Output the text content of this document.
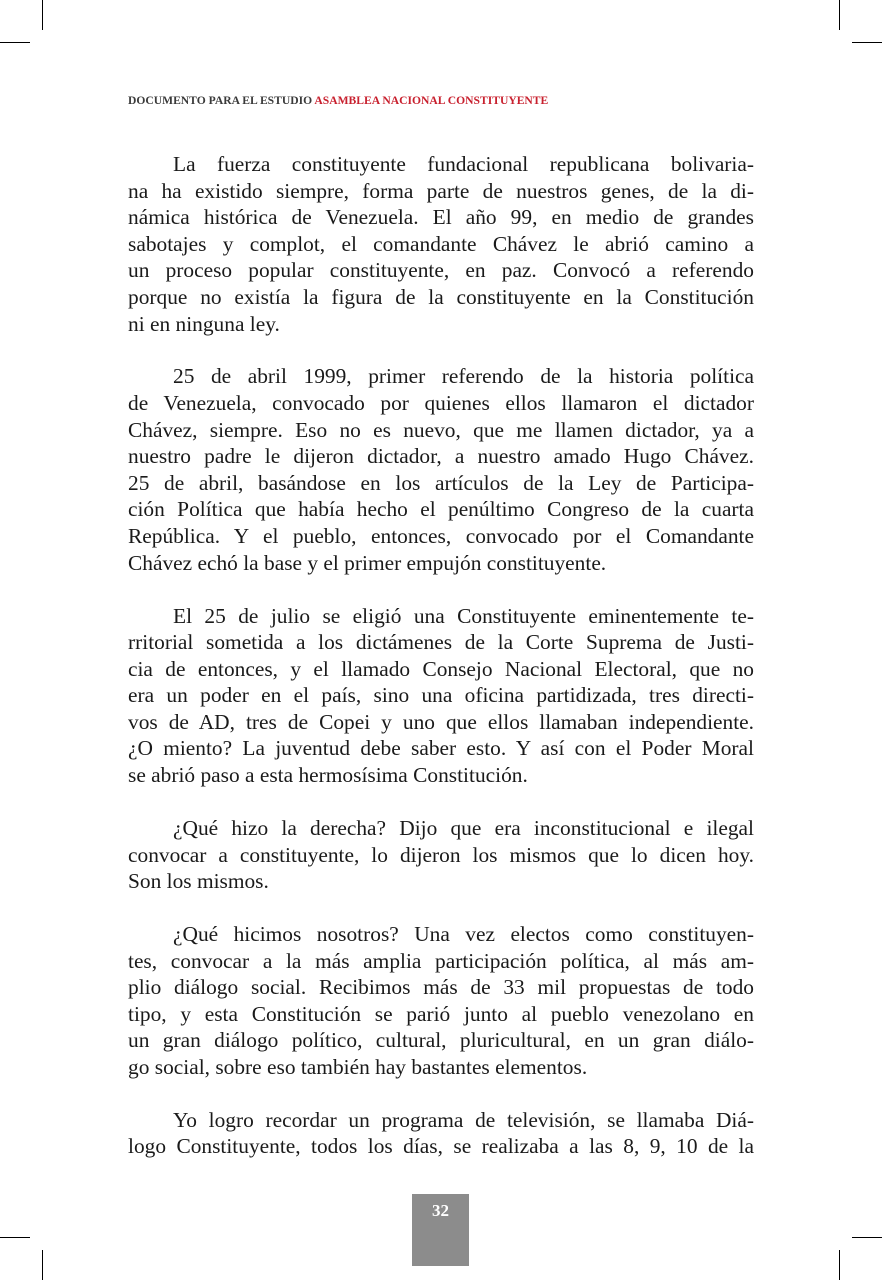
DOCUMENTO PARA EL ESTUDIO ASAMBLEA NACIONAL CONSTITUYENTE
La fuerza constituyente fundacional republicana bolivaria-
na ha existido siempre, forma parte de nuestros genes, de la di-
námica histórica de Venezuela. El año 99, en medio de grandes
sabotajes y complot, el comandante Chávez le abrió camino a
un proceso popular constituyente, en paz. Convocó a referendo
porque no existía la figura de la constituyente en la Constitución
ni en ninguna ley.
25 de abril 1999, primer referendo de la historia política
de Venezuela, convocado por quienes ellos llamaron el dictador
Chávez, siempre. Eso no es nuevo, que me llamen dictador, ya a
nuestro padre le dijeron dictador, a nuestro amado Hugo Chávez.
25 de abril, basándose en los artículos de la Ley de Participa-
ción Política que había hecho el penúltimo Congreso de la cuarta
República. Y el pueblo, entonces, convocado por el Comandante
Chávez echó la base y el primer empujón constituyente.
El 25 de julio se eligió una Constituyente eminentemente te-
rritorial sometida a los dictámenes de la Corte Suprema de Justi-
cia de entonces, y el llamado Consejo Nacional Electoral, que no
era un poder en el país, sino una oficina partidizada, tres directi-
vos de AD, tres de Copei y uno que ellos llamaban independiente.
¿O miento? La juventud debe saber esto. Y así con el Poder Moral
se abrió paso a esta hermosísima Constitución.
¿Qué hizo la derecha? Dijo que era inconstitucional e ilegal
convocar a constituyente, lo dijeron los mismos que lo dicen hoy.
Son los mismos.
¿Qué hicimos nosotros? Una vez electos como constituyen-
tes, convocar a la más amplia participación política, al más am-
plio diálogo social. Recibimos más de 33 mil propuestas de todo
tipo, y esta Constitución se parió junto al pueblo venezolano en
un gran diálogo político, cultural, pluricultural, en un gran diálo-
go social, sobre eso también hay bastantes elementos.
Yo logro recordar un programa de televisión, se llamaba Diá-
logo Constituyente, todos los días, se realizaba a las 8, 9, 10 de la
32
